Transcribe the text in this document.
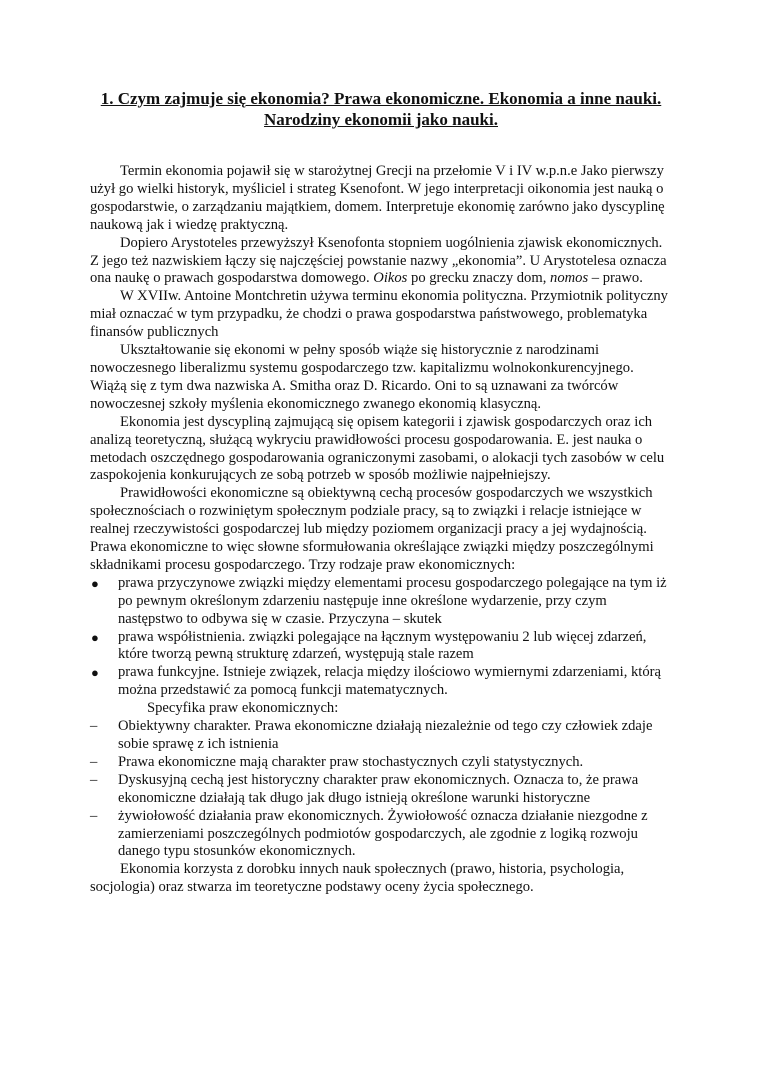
1. Czym zajmuje się ekonomia? Prawa ekonomiczne. Ekonomia a inne nauki.
Narodziny ekonomii jako nauki.

Termin ekonomia pojawił się w starożytnej Grecji na przełomie V i IV w.p.n.e Jako pierwszy użył go wielki historyk, myśliciel i strateg Ksenofont. W jego interpretacji oikonomia jest nauką o gospodarstwie, o zarządzaniu majątkiem, domem. Interpretuje ekonomię zarówno jako dyscyplinę naukową jak i wiedzę praktyczną.

Dopiero Arystoteles przewyższył Ksenofonta stopniem uogólnienia zjawisk ekonomicznych. Z jego też nazwiskiem łączy się najczęściej powstanie nazwy „ekonomia”. U Arystotelesa oznacza ona naukę o prawach gospodarstwa domowego. Oikos po grecku znaczy dom, nomos – prawo.

W XVIIw. Antoine Montchretin używa terminu ekonomia polityczna. Przymiotnik polityczny miał oznaczać w tym przypadku, że chodzi o prawa gospodarstwa państwowego, problematyka finansów publicznych

Ukształtowanie się ekonomi w pełny sposób wiąże się historycznie z narodzinami nowoczesnego liberalizmu systemu gospodarczego tzw. kapitalizmu wolnokonkurencyjnego. Wiążą się z tym dwa nazwiska A. Smitha oraz D. Ricardo. Oni to są uznawani za twórców nowoczesnej szkoły myślenia ekonomicznego zwanego ekonomią klasyczną.

Ekonomia jest dyscypliną zajmującą się opisem kategorii i zjawisk gospodarczych oraz ich analizą teoretyczną, służącą wykryciu prawidłowości procesu gospodarowania. E. jest nauka o metodach oszczędnego gospodarowania ograniczonymi zasobami, o alokacji tych zasobów w celu zaspokojenia konkurujących ze sobą potrzeb w sposób możliwie najpełniejszy.

Prawidłowości ekonomiczne są obiektywną cechą procesów gospodarczych we wszystkich społecznościach o rozwiniętym społecznym podziale pracy, są to związki i relacje istniejące w realnej rzeczywistości gospodarczej lub między poziomem organizacji pracy a jej wydajnością.

Prawa ekonomiczne to więc słowne sformułowania określające związki między poszczególnymi składnikami procesu gospodarczego. Trzy rodzaje praw ekonomicznych:

● prawa przyczynowe związki między elementami procesu gospodarczego polegające na tym iż po pewnym określonym zdarzeniu następuje inne określone wydarzenie, przy czym następstwo to odbywa się w czasie. Przyczyna – skutek
● prawa współistnienia. związki polegające na łącznym występowaniu 2 lub więcej zdarzeń, które tworzą pewną strukturę zdarzeń, występują stale razem
● prawa funkcyjne. Istnieje związek, relacja między ilościowo wymiernymi zdarzeniami, którą można przedstawić za pomocą funkcji matematycznych.

Specyfika praw ekonomicznych:

– Obiektywny charakter. Prawa ekonomiczne działają niezależnie od tego czy człowiek zdaje sobie sprawę z ich istnienia
– Prawa ekonomiczne mają charakter praw stochastycznych czyli statystycznych.
– Dyskusyjną cechą jest historyczny charakter praw ekonomicznych. Oznacza to, że prawa ekonomiczne działają tak długo jak długo istnieją określone warunki historyczne
– żywiołowość działania praw ekonomicznych. Żywiołowość oznacza działanie niezgodne z zamierzeniami poszczególnych podmiotów gospodarczych, ale zgodnie z logiką rozwoju danego typu stosunków ekonomicznych.

Ekonomia korzysta z dorobku innych nauk społecznych (prawo, historia, psychologia, socjologia) oraz stwarza im teoretyczne podstawy oceny życia społecznego.
